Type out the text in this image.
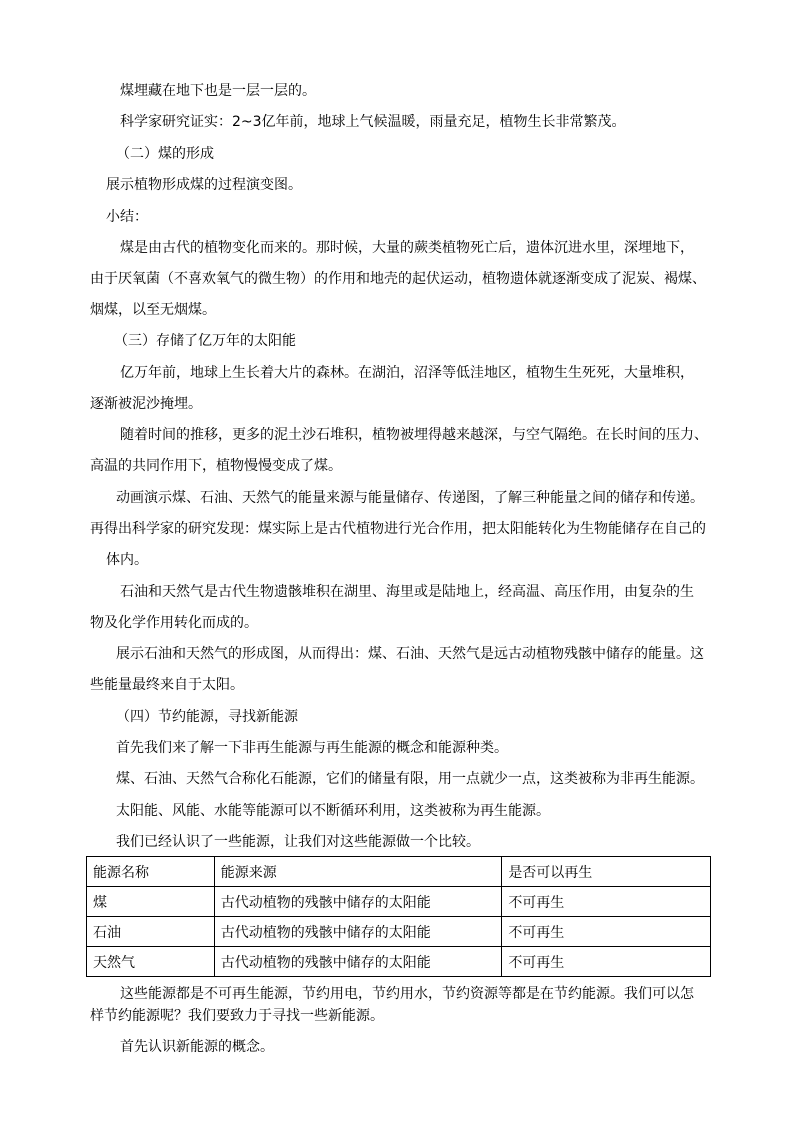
煤埋藏在地下也是一层一层的。
科学家研究证实：2~3亿年前，地球上气候温暖，雨量充足，植物生长非常繁茂。
（二）煤的形成
展示植物形成煤的过程演变图。
小结：
煤是由古代的植物变化而来的。那时候，大量的蕨类植物死亡后，遗体沉进水里，深埋地下，
由于厌氧菌（不喜欢氧气的微生物）的作用和地壳的起伏运动，植物遗体就逐渐变成了泥炭、褐煤、
烟煤，以至无烟煤。
（三）存储了亿万年的太阳能
亿万年前，地球上生长着大片的森林。在湖泊，沼泽等低洼地区，植物生生死死，大量堆积，
逐渐被泥沙掩埋。
随着时间的推移，更多的泥土沙石堆积，植物被埋得越来越深，与空气隔绝。在长时间的压力、
高温的共同作用下，植物慢慢变成了煤。
动画演示煤、石油、天然气的能量来源与能量储存、传递图，了解三种能量之间的储存和传递。
再得出科学家的研究发现：煤实际上是古代植物进行光合作用，把太阳能转化为生物能储存在自己的
体内。
石油和天然气是古代生物遗骸堆积在湖里、海里或是陆地上，经高温、高压作用，由复杂的生
物及化学作用转化而成的。
展示石油和天然气的形成图，从而得出：煤、石油、天然气是远古动植物残骸中储存的能量。这
些能量最终来自于太阳。
（四）节约能源，寻找新能源
首先我们来了解一下非再生能源与再生能源的概念和能源种类。
煤、石油、天然气合称化石能源，它们的储量有限，用一点就少一点，这类被称为非再生能源。
太阳能、风能、水能等能源可以不断循环利用，这类被称为再生能源。
我们已经认识了一些能源，让我们对这些能源做一个比较。
能源名称	能源来源	是否可以再生
煤	古代动植物的残骸中储存的太阳能	不可再生
石油	古代动植物的残骸中储存的太阳能	不可再生
天然气	古代动植物的残骸中储存的太阳能	不可再生
这些能源都是不可再生能源，节约用电，节约用水，节约资源等都是在节约能源。我们可以怎
样节约能源呢？我们要致力于寻找一些新能源。
首先认识新能源的概念。
